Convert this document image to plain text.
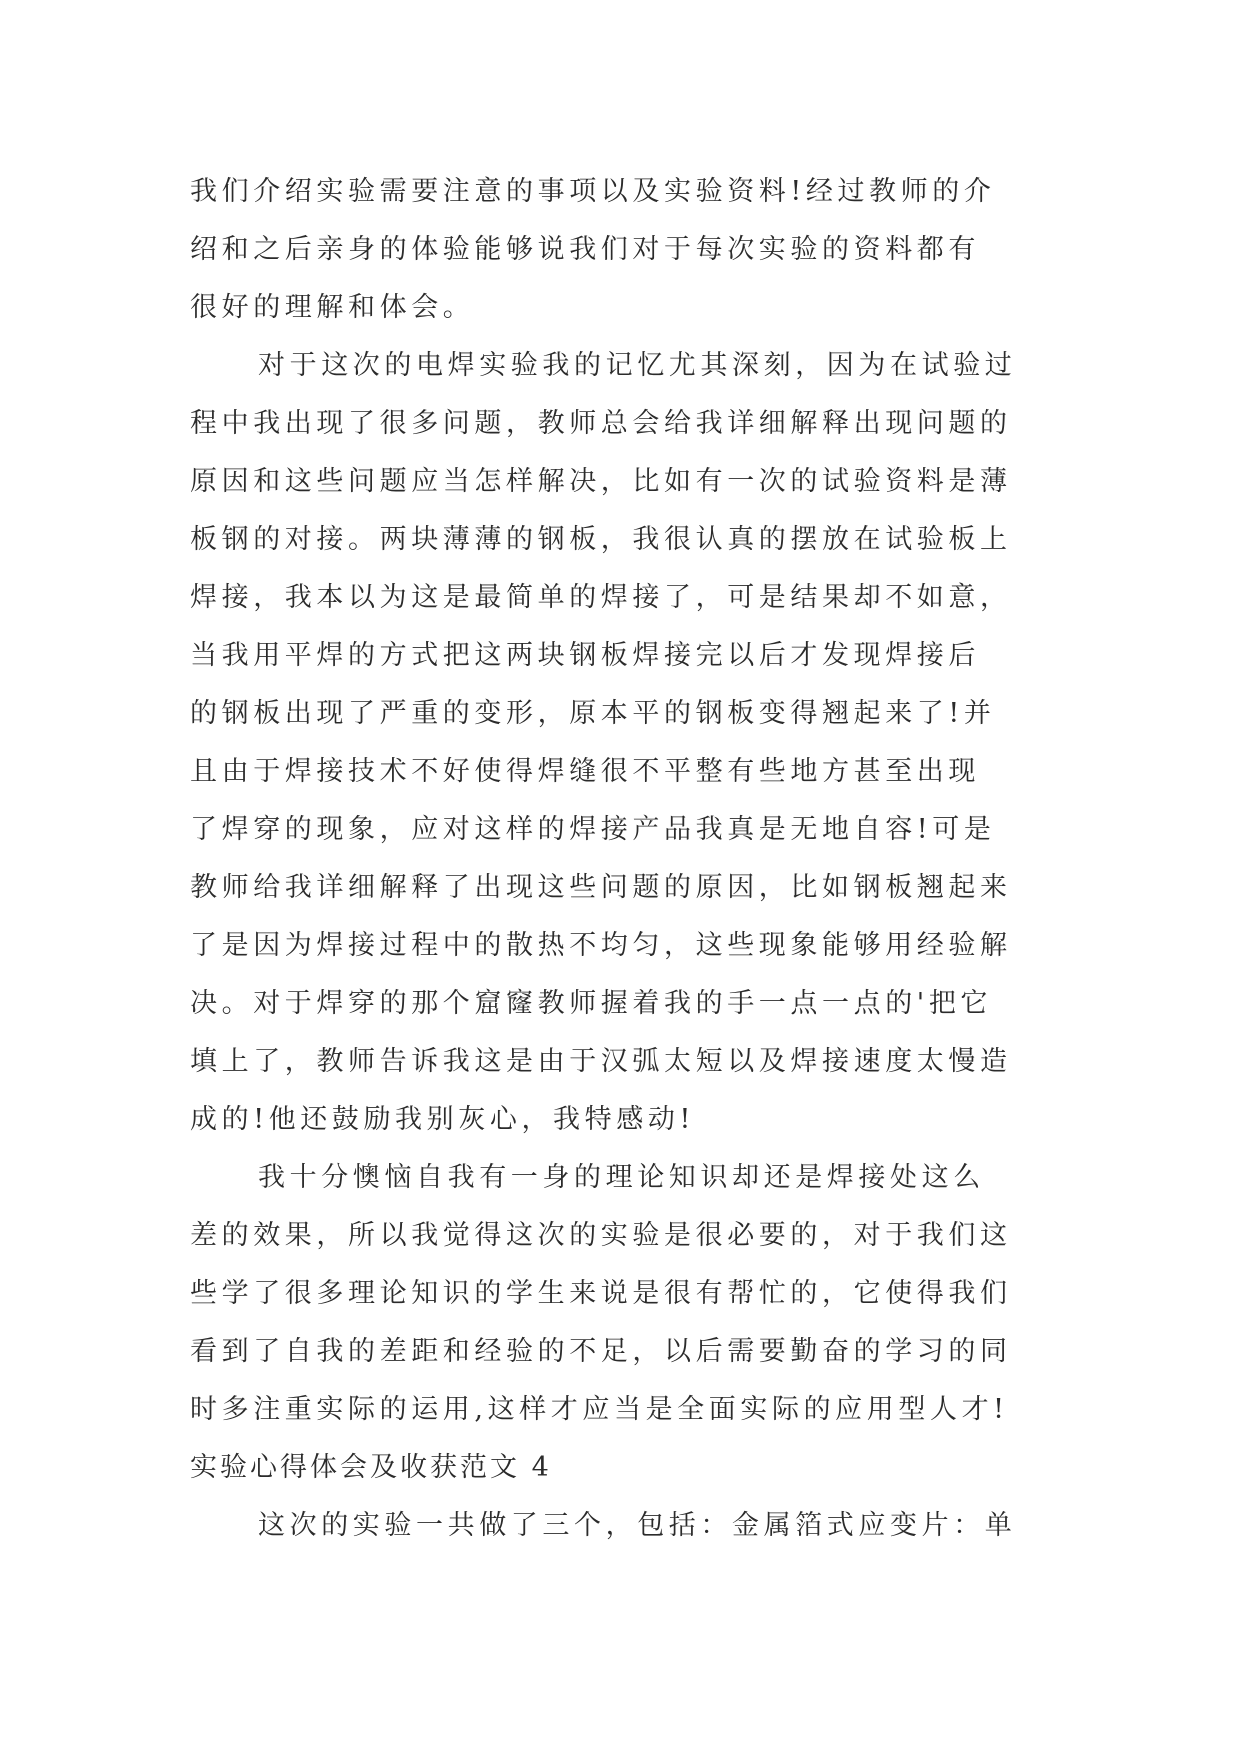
我们介绍实验需要注意的事项以及实验资料!经过教师的介
绍和之后亲身的体验能够说我们对于每次实验的资料都有
很好的理解和体会。
对于这次的电焊实验我的记忆尤其深刻，因为在试验过
程中我出现了很多问题，教师总会给我详细解释出现问题的
原因和这些问题应当怎样解决，比如有一次的试验资料是薄
板钢的对接。两块薄薄的钢板，我很认真的摆放在试验板上
焊接，我本以为这是最简单的焊接了，可是结果却不如意，
当我用平焊的方式把这两块钢板焊接完以后才发现焊接后
的钢板出现了严重的变形，原本平的钢板变得翘起来了!并
且由于焊接技术不好使得焊缝很不平整有些地方甚至出现
了焊穿的现象，应对这样的焊接产品我真是无地自容!可是
教师给我详细解释了出现这些问题的原因，比如钢板翘起来
了是因为焊接过程中的散热不均匀，这些现象能够用经验解
决。对于焊穿的那个窟窿教师握着我的手一点一点的'把它
填上了，教师告诉我这是由于汉弧太短以及焊接速度太慢造
成的!他还鼓励我别灰心，我特感动!
我十分懊恼自我有一身的理论知识却还是焊接处这么
差的效果，所以我觉得这次的实验是很必要的，对于我们这
些学了很多理论知识的学生来说是很有帮忙的，它使得我们
看到了自我的差距和经验的不足，以后需要勤奋的学习的同
时多注重实际的运用,这样才应当是全面实际的应用型人才!
实验心得体会及收获范文 4
这次的实验一共做了三个，包括：金属箔式应变片：单
